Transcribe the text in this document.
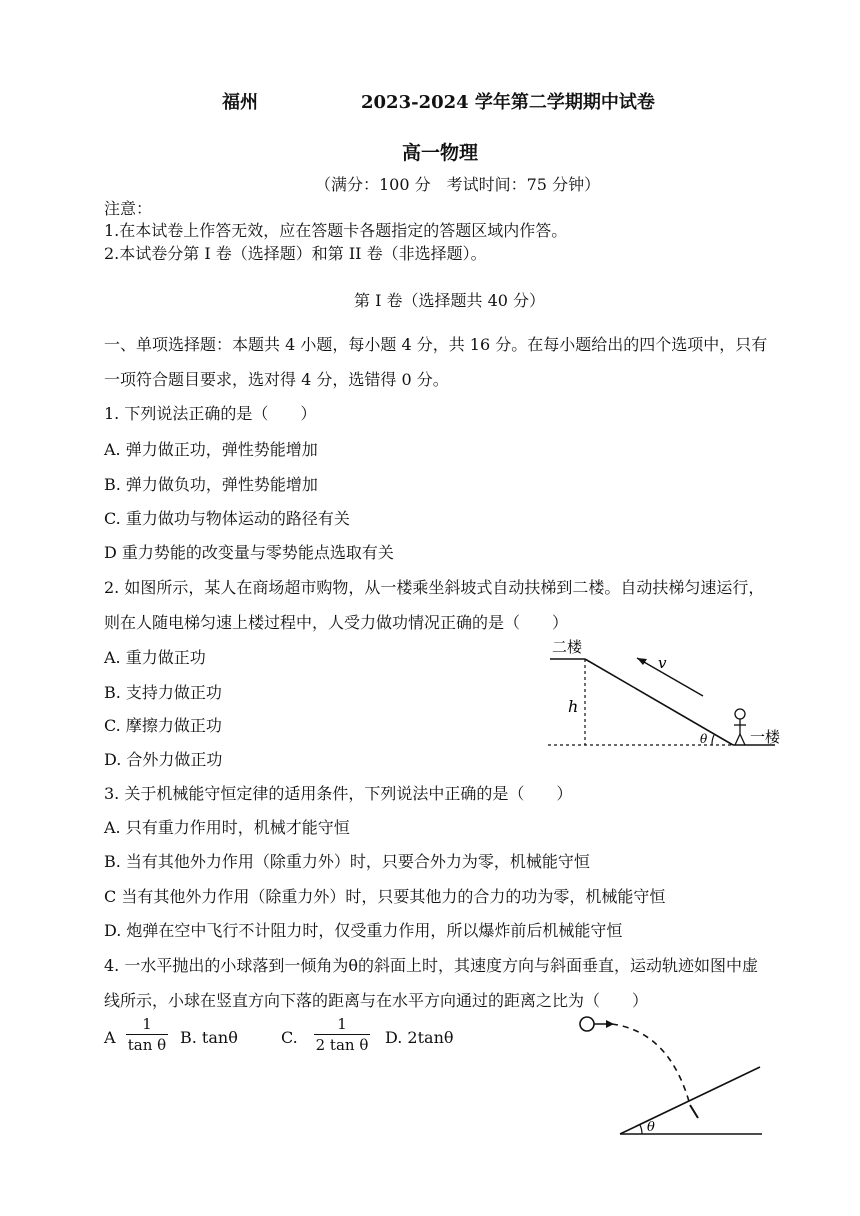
福州	2023-2024 学年第二学期期中试卷
高一物理
（满分：100 分　考试时间：75 分钟）
注意：
1.在本试卷上作答无效，应在答题卡各题指定的答题区域内作答。
2.本试卷分第 I 卷（选择题）和第 II 卷（非选择题）。
第 I 卷（选择题共 40 分）
一、单项选择题：本题共 4 小题，每小题 4 分，共 16 分。在每小题给出的四个选项中，只有
一项符合题目要求，选对得 4 分，选错得 0 分。
1. 下列说法正确的是（　　）
A. 弹力做正功，弹性势能增加
B. 弹力做负功，弹性势能增加
C. 重力做功与物体运动的路径有关
D 重力势能的改变量与零势能点选取有关
2. 如图所示，某人在商场超市购物，从一楼乘坐斜坡式自动扶梯到二楼。自动扶梯匀速运行，
则在人随电梯匀速上楼过程中，人受力做功情况正确的是（　　）
A. 重力做正功
B. 支持力做正功
C. 摩擦力做正功
D. 合外力做正功
二楼
一楼
h
v
θ
3. 关于机械能守恒定律的适用条件，下列说法中正确的是（　　）
A. 只有重力作用时，机械才能守恒
B. 当有其他外力作用（除重力外）时，只要合外力为零，机械能守恒
C 当有其他外力作用（除重力外）时，只要其他力的合力的功为零，机械能守恒
D. 炮弹在空中飞行不计阻力时，仅受重力作用，所以爆炸前后机械能守恒
4. 一水平抛出的小球落到一倾角为θ的斜面上时，其速度方向与斜面垂直，运动轨迹如图中虚
线所示，小球在竖直方向下落的距离与在水平方向通过的距离之比为（　　）
A
1
tan θ B. tanθ	C.
1
2 tan θ D. 2tanθ
θ
